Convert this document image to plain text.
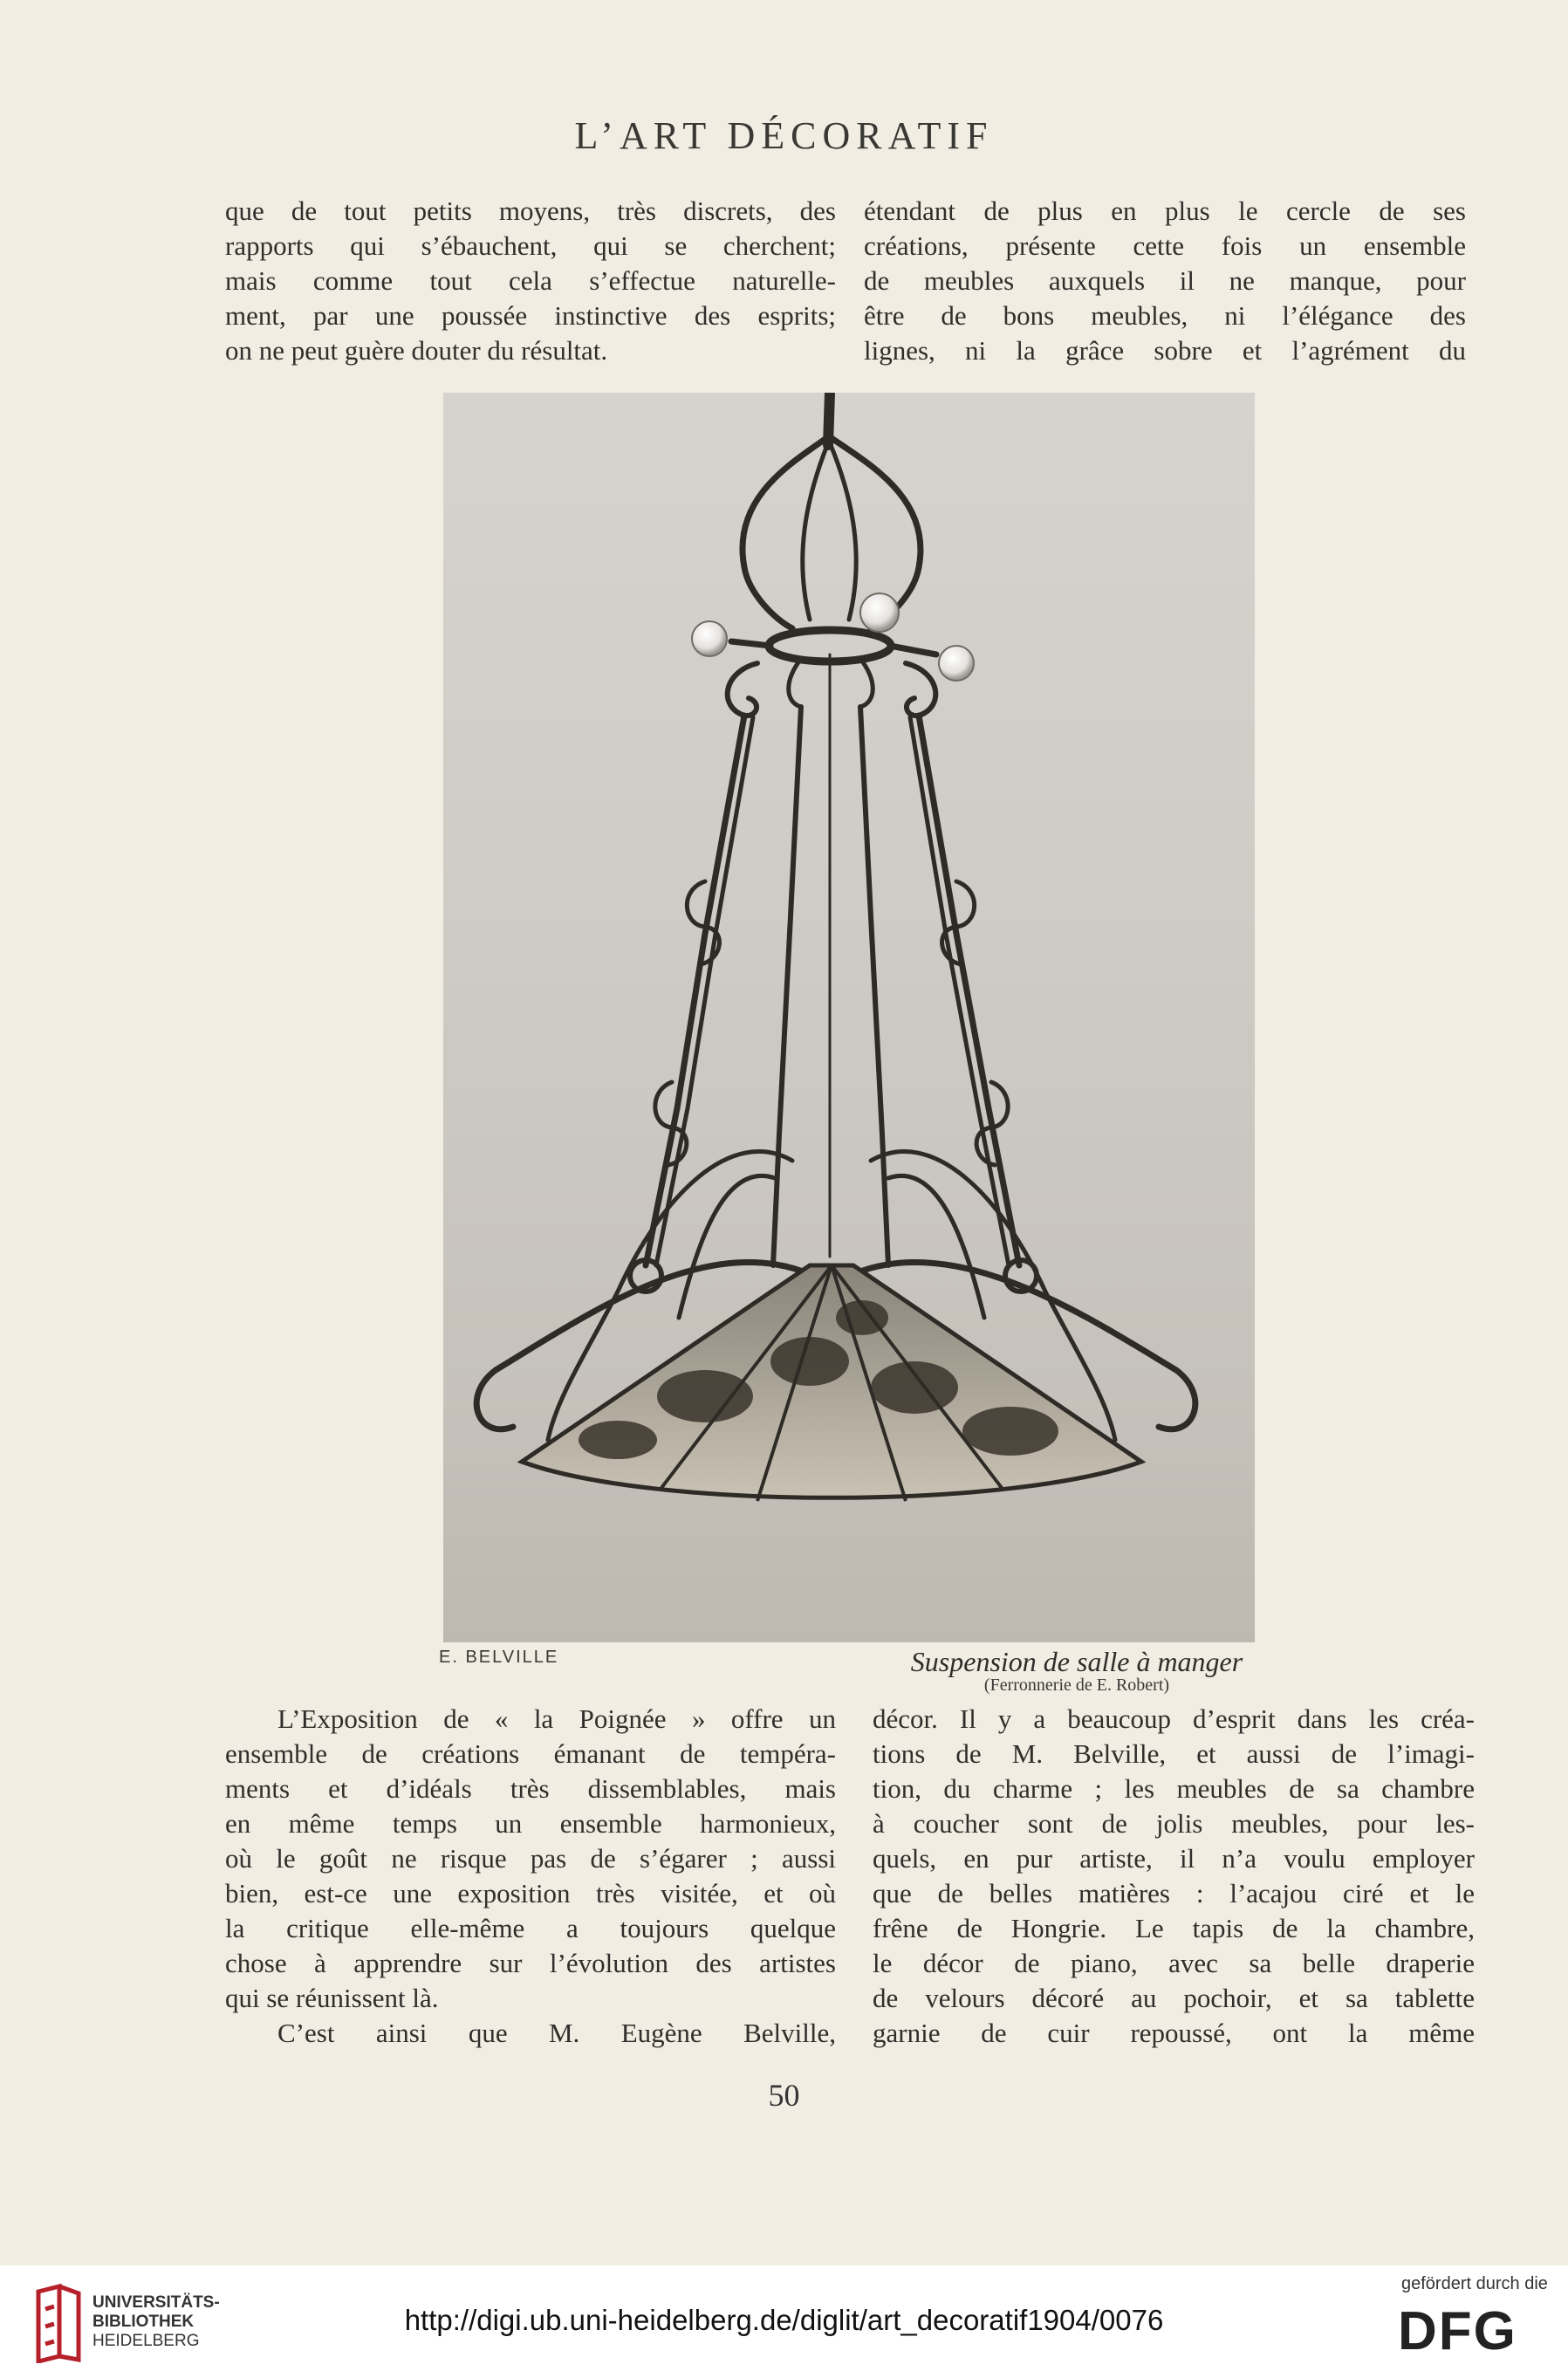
L’ART DÉCORATIF
que de tout petits moyens, très discrets, des
rapports qui s’ébauchent, qui se cherchent;
mais comme tout cela s’effectue naturelle-
ment, par une poussée instinctive des esprits;
on ne peut guère douter du résultat.
étendant de plus en plus le cercle de ses
créations, présente cette fois un ensemble
de meubles auxquels il ne manque, pour
être de bons meubles, ni l’élégance des
lignes, ni la grâce sobre et l’agrément du
E. BELVILLE	Suspension de salle à manger
(Ferronnerie de E. Robert)
L’Exposition de « la Poignée » offre un
ensemble de créations émanant de tempéra-
ments et d’idéals très dissemblables, mais
en même temps un ensemble harmonieux,
où le goût ne risque pas de s’égarer ; aussi
bien, est-ce une exposition très visitée, et où
la critique elle-même a toujours quelque
chose à apprendre sur l’évolution des artistes
qui se réunissent là.
C’est ainsi que M. Eugène Belville,
décor. Il y a beaucoup d’esprit dans les créa-
tions de M. Belville, et aussi de l’imagi-
tion, du charme ; les meubles de sa chambre
à coucher sont de jolis meubles, pour les-
quels, en pur artiste, il n’a voulu employer
que de belles matières : l’acajou ciré et le
frêne de Hongrie. Le tapis de la chambre,
le décor de piano, avec sa belle draperie
de velours décoré au pochoir, et sa tablette
garnie de cuir repoussé, ont la même
50
UNIVERSITÄTS-
BIBLIOTHEK
HEIDELBERG
http://digi.ub.uni-heidelberg.de/diglit/art_decoratif1904/0076
gefördert durch die
DFG
